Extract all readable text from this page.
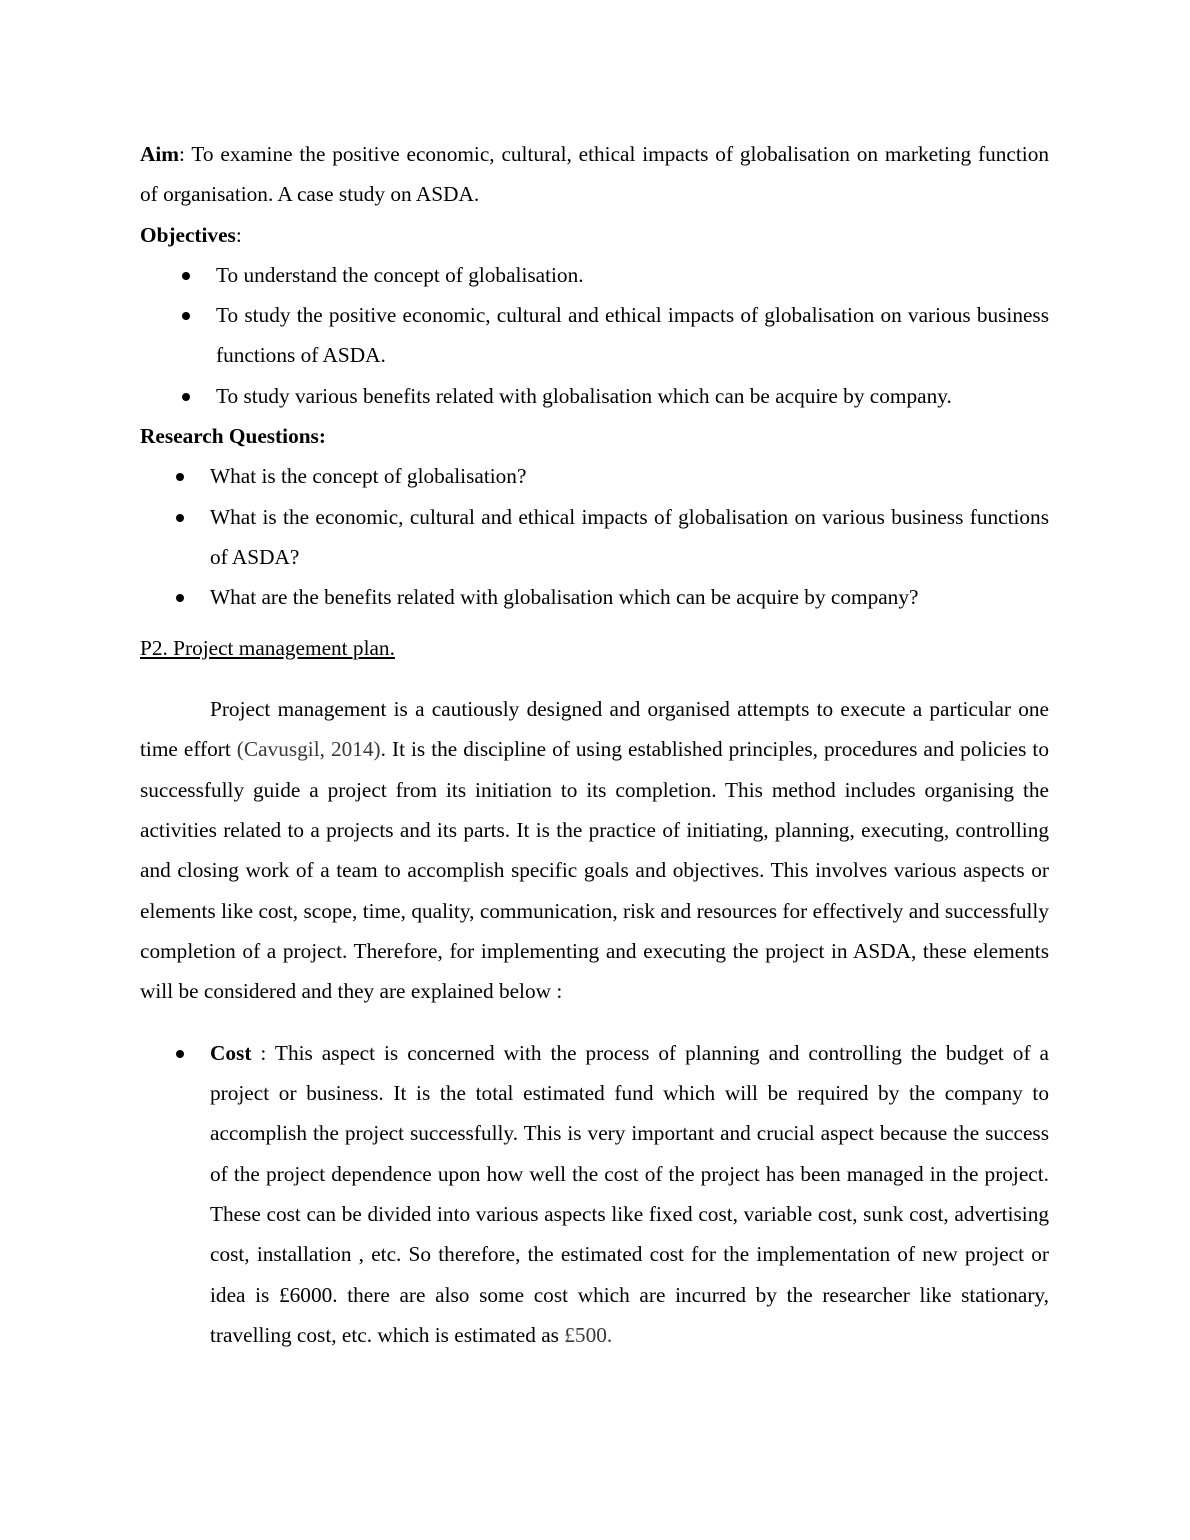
Aim: To examine the positive economic, cultural, ethical impacts of globalisation on marketing function of organisation. A case study on ASDA.

Objectives:

To understand the concept of globalisation.
To study the positive economic, cultural and ethical impacts of globalisation on various business functions of ASDA.
To study various benefits related with globalisation which can be acquire by company.

Research Questions:

What is the concept of globalisation?
What is the economic, cultural and ethical impacts of globalisation on various business functions of ASDA?
What are the benefits related with globalisation which can be acquire by company?

P2. Project management plan.

Project management is a cautiously designed and organised attempts to execute a particular one time effort (Cavusgil, 2014). It is the discipline of using established principles, procedures and policies to successfully guide a project from its initiation to its completion. This method includes organising the activities related to a projects and its parts. It is the practice of initiating, planning, executing, controlling and closing work of a team to accomplish specific goals and objectives. This involves various aspects or elements like cost, scope, time, quality, communication, risk and resources for effectively and successfully completion of a project. Therefore, for implementing and executing the project in ASDA, these elements will be considered and they are explained below :

Cost : This aspect is concerned with the process of planning and controlling the budget of a project or business. It is the total estimated fund which will be required by the company to accomplish the project successfully. This is very important and crucial aspect because the success of the project dependence upon how well the cost of the project has been managed in the project. These cost can be divided into various aspects like fixed cost, variable cost, sunk cost, advertising cost, installation , etc. So therefore, the estimated cost for the implementation of new project or idea is £6000. there are also some cost which are incurred by the researcher like stationary, travelling cost, etc. which is estimated as £500.
